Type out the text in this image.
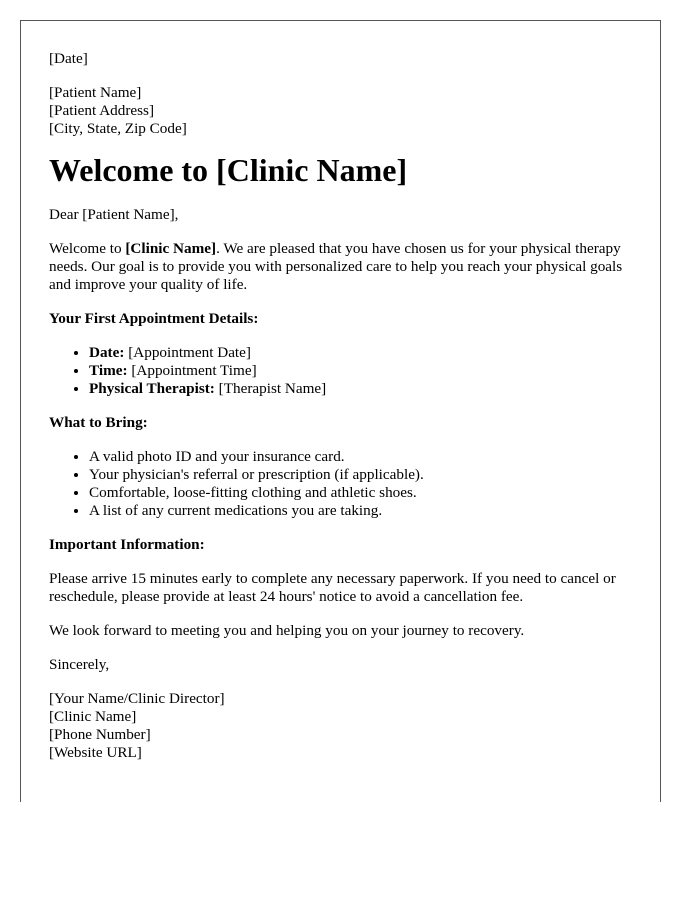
[Date]

[Patient Name]

[Patient Address]

[City, State, Zip Code]

Welcome to [Clinic Name]

Dear [Patient Name],

Welcome to [Clinic Name]. We are pleased that you have chosen us for your physical therapy needs. Our goal is to provide you with personalized care to help you reach your physical goals and improve your quality of life.

Your First Appointment Details:

• Date: [Appointment Date]
• Time: [Appointment Time]
• Physical Therapist: [Therapist Name]

What to Bring:

• A valid photo ID and your insurance card.
• Your physician's referral or prescription (if applicable).
• Comfortable, loose-fitting clothing and athletic shoes.
• A list of any current medications you are taking.

Important Information:

Please arrive 15 minutes early to complete any necessary paperwork. If you need to cancel or reschedule, please provide at least 24 hours' notice to avoid a cancellation fee.

We look forward to meeting you and helping you on your journey to recovery.

Sincerely,

[Your Name/Clinic Director]

[Clinic Name]

[Phone Number]

[Website URL]
